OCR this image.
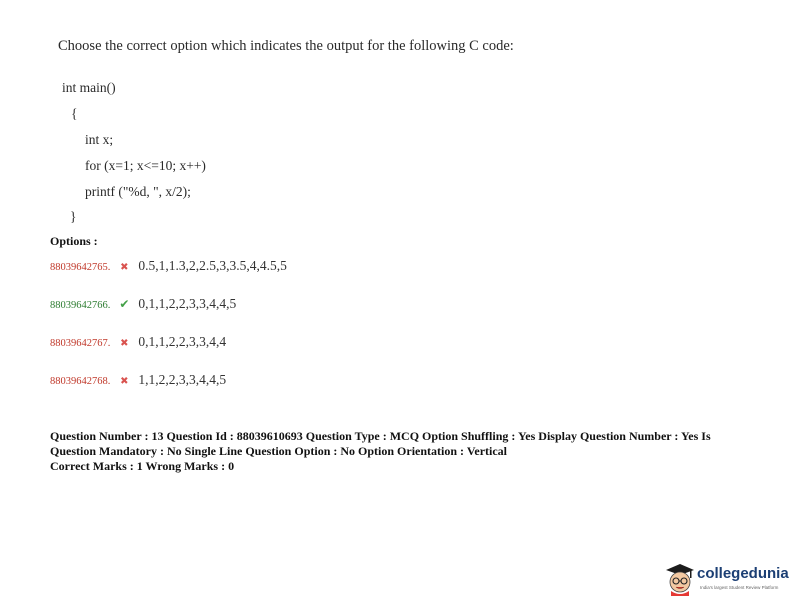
Choose the correct option which indicates the output for the following C code:
int main()
{
int x;
for (x=1; x<=10; x++)
printf ("%d, ", x/2);
}
Options :
88039642765. ✖ 0.5,1,1.3,2,2.5,3,3.5,4,4.5,5
88039642766. ✔ 0,1,1,2,2,3,3,4,4,5
88039642767. ✖ 0,1,1,2,2,3,3,4,4
88039642768. ✖ 1,1,2,2,3,3,4,4,5
Question Number : 13 Question Id : 88039610693 Question Type : MCQ Option Shuffling : Yes Display Question Number : Yes Is
Question Mandatory : No Single Line Question Option : No Option Orientation : Vertical
Correct Marks : 1 Wrong Marks : 0
collegedunia
India's largest Student Review Platform
